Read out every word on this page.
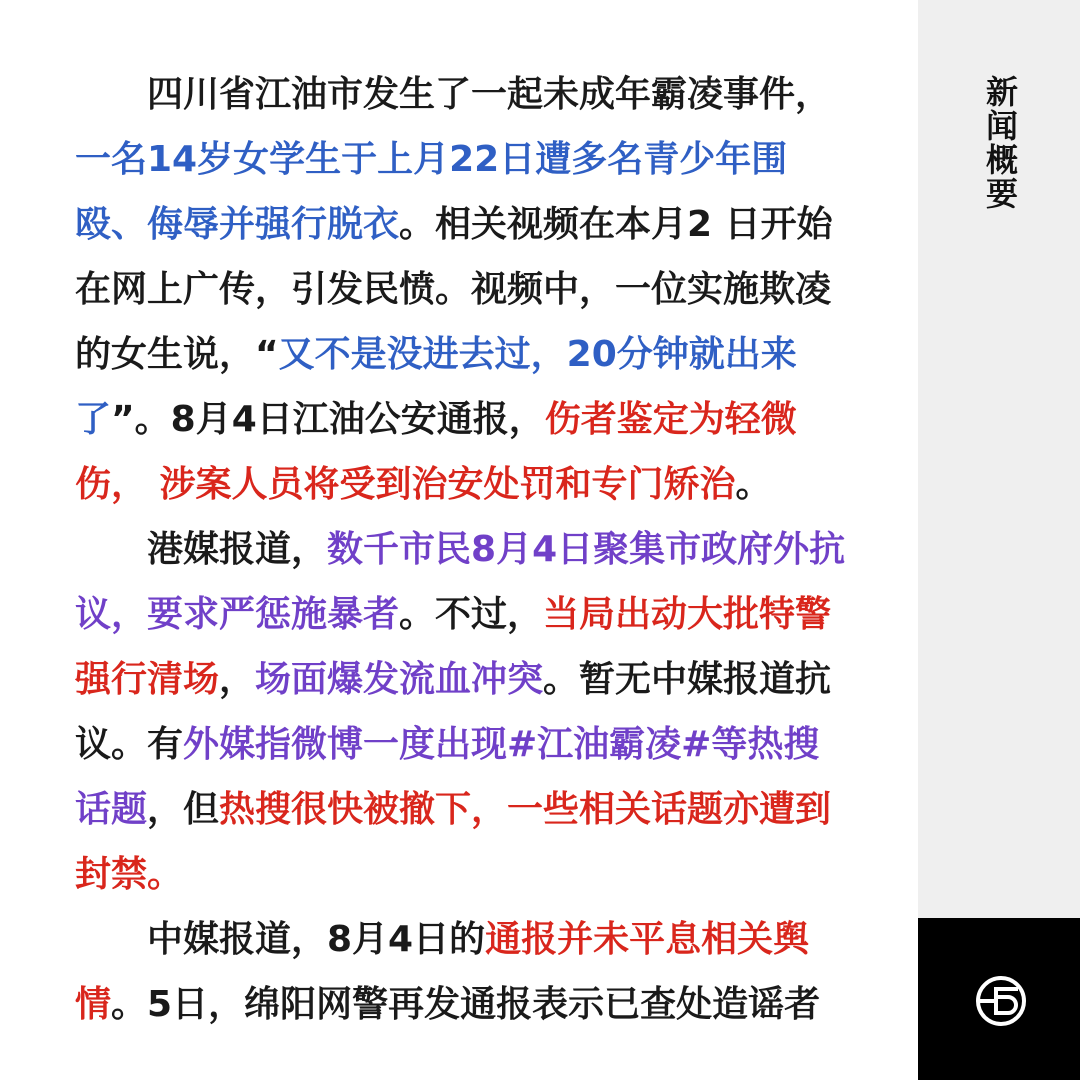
四川省江油市发生了一起未成年霸凌事件，一名14岁女学生于上月22日遭多名青少年围殴、侮辱并强行脱衣。相关视频在本月2 日开始在网上广传，引发民愤。视频中，一位实施欺凌的女生说，“又不是没进去过，20分钟就出来了”。8月4日江油公安通报，伤者鉴定为轻微伤， 涉案人员将受到治安处罚和专门矫治。

港媒报道，数千市民8月4日聚集市政府外抗议，要求严惩施暴者。不过，当局出动大批特警强行清场，场面爆发流血冲突。暂无中媒报道抗议。有外媒指微博一度出现#江油霸凌#等热搜话题，但热搜很快被撤下，一些相关话题亦遭到封禁。

中媒报道，8月4日的通报并未平息相关舆情。5日，绵阳网警再发通报表示已查处造谣者

新闻概要
